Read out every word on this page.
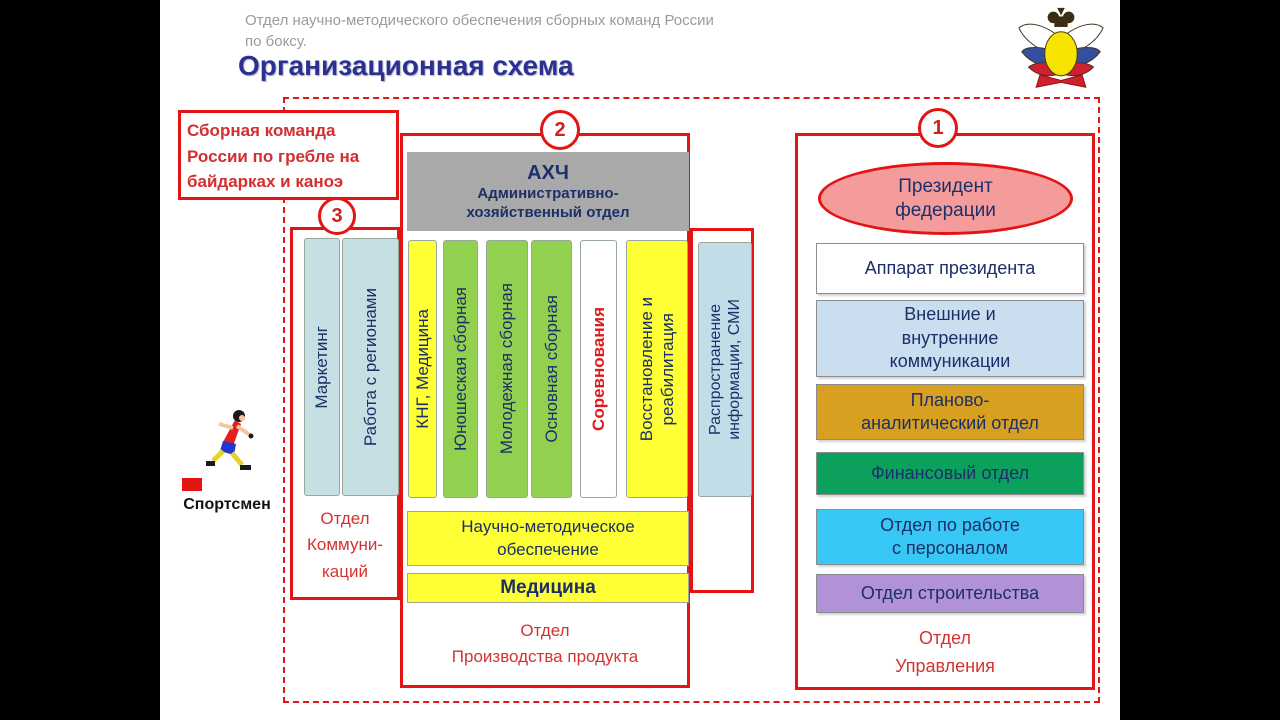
Отдел научно-методического обеспечения сборных команд России
по боксу.
Организационная схема
Сборная команда
России по гребле на
байдарках и каноэ
3
Маркетинг Работа с регионами
Отдел
Коммуни-
каций
2
АХЧ
Административно-
хозяйственный отдел
КНГ, Медицина Юношеская сборная Молодежная сборная Основная сборная Соревнования Восстановление и реабилитация
Научно-методическое
обеспечение
Медицина
Отдел
Производства продукта
Распространение информации, СМИ
1
Президент
федерации
Аппарат президента
Внешние и
внутренние
коммуникации
Планово-
аналитический отдел
Финансовый отдел
Отдел по работе
с персоналом
Отдел строительства
Отдел
Управления
Спортсмен
